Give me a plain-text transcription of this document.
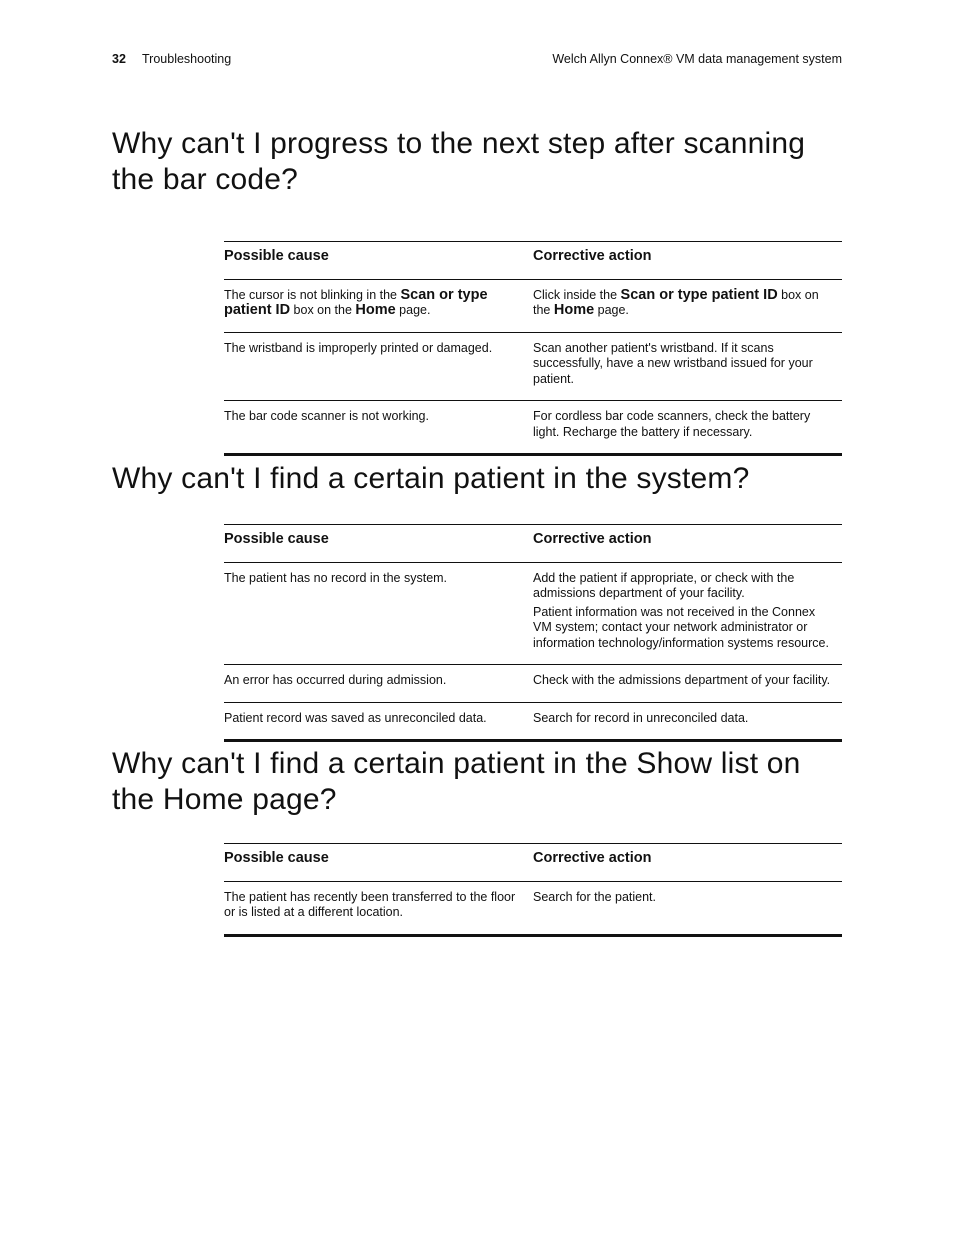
32 Troubleshooting	Welch Allyn Connex® VM data management system
Why can't I progress to the next step after scanning the bar code?
Possible cause	Corrective action
The cursor is not blinking in the Scan or type patient ID box on the Home page.	Click inside the Scan or type patient ID box on the Home page.
The wristband is improperly printed or damaged.	Scan another patient's wristband. If it scans successfully, have a new wristband issued for your patient.
The bar code scanner is not working.	For cordless bar code scanners, check the battery light. Recharge the battery if necessary.
Why can't I find a certain patient in the system?
Possible cause	Corrective action
The patient has no record in the system.	Add the patient if appropriate, or check with the admissions department of your facility.
Patient information was not received in the Connex VM system; contact your network administrator or information technology/information systems resource.

An error has occurred during admission.	Check with the admissions department of your facility.
Patient record was saved as unreconciled data.	Search for record in unreconciled data.
Why can't I find a certain patient in the Show list on the Home page?
Possible cause	Corrective action
The patient has recently been transferred to the floor or is listed at a different location.	Search for the patient.
